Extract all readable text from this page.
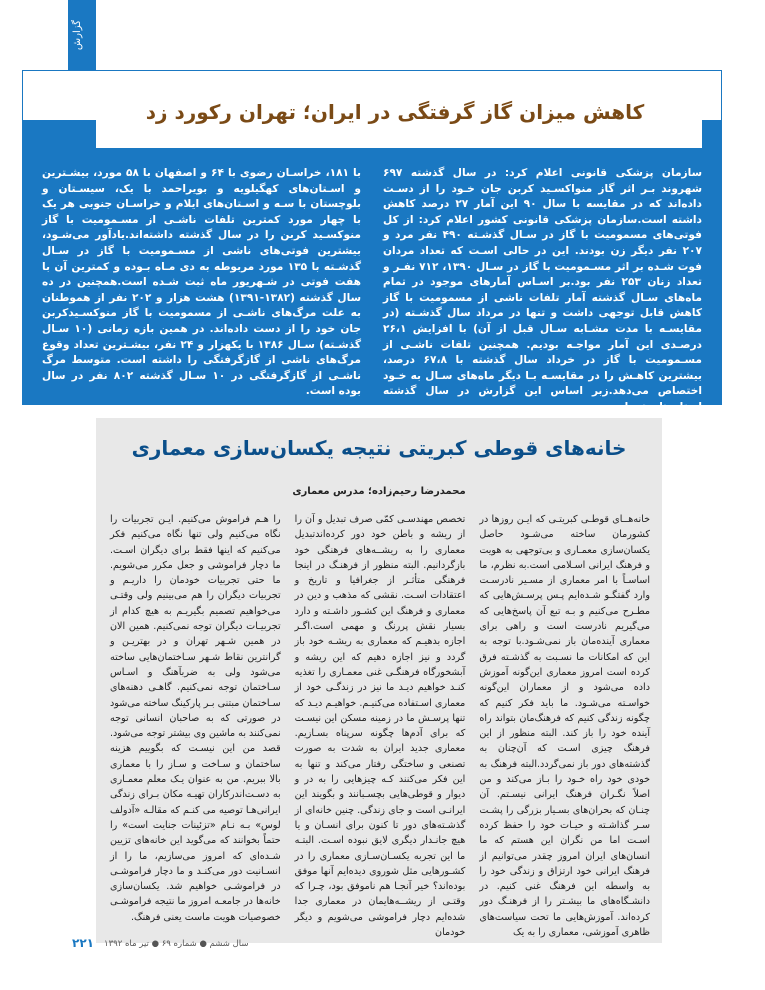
گزارش
کاهش میزان گاز گرفتگی در ایران؛ تهران رکورد زد
سازمان پزشکی قانونی اعلام کرد: در سال گذشته ۶۹۷ شهروند بـر اثر گاز منواکسـید کربن جان خـود را از دسـت داده‌اند که در مقایسه با سال ۹۰ این آمار ۲۷ درصد کاهش داشته است.سازمان پزشکی قانونی کشور اعلام کرد: از کل فوتی‌های مسمومیت با گاز در سـال گذشـته ۴۹۰ نفر مرد و ۲۰۷ نفر دیگر زن بودند. این در حالی اسـت که تعداد مردان فوت شـده بر اثر مسـمومیت با گاز در سـال ۱۳۹۰، ۷۱۲ نفـر و تعداد زنان ۲۵۳ نفر بود.بر اسـاس آمارهای موجود در تمام ماه‌های سـال گذشته آمار تلفات ناشی از مسمومیت با گاز کاهش قابل توجهی داشت و تنها در مرداد سال گذشـته (در مقایسـه با مدت مشـابه سـال قبل از آن) با افزایش ۲۶،۱ درصـدی این آمار مواجـه بودیم. همچنین تلفات ناشـی از مسـمومیت با گاز در خرداد سال گذشته با ۶۷،۸ درصد، بیشترین کاهـش را در مقایسـه بـا دیگر ماه‌های سـال به خـود اختصاص می‌دهد.زبر اساس این گزارش در سال گذشته استان‌های تهران
با ۱۸۱، خراسـان رضوی با ۶۴ و اصفهان با ۵۸ مورد، بیشـترین و اسـتان‌های کهگیلویه و بویراحمد با یک، سیسـتان و بلوچستان با سـه و اسـتان‌های ایلام و خراسـان جنوبی هر یک با چهار مورد کمترین تلفات ناشـی از مسـمومیت با گاز منوکسـید کربن را در سال گذشته داشته‌اند.یادآور می‌شـود، بیشترین فوتی‌های ناشی از مسـمومیت با گاز در سـال گذشـته با ۱۳۵ مورد مربوطه به دی مـاه بـوده و کمترین آن با هفت فوتی در شـهریور ماه ثبت شـده است.همچنین در ده سال گذشته (۱۳۸۲-۱۳۹۱) هشت هزار و ۲۰۲ نفر از هموطنان به علت مرگ‌های ناشـی از مسمومیت با گاز منوکسـیدکربن جان خود را از دست داده‌اند. در همین بازه زمانی (۱۰ سـال گذشـته) سـال ۱۳۸۶ با یکهزار و ۲۴ نفر، بیشـترین تعداد وقوع مرگ‌های ناشی از گازگرفتگی را داشته است. متوسط مرگ ناشـی از گازگرفتگی در ۱۰ سـال گذشته ۸۰۲ نفر در سال بوده است.
خانه‌های قوطی کبریتی نتیجه یکسان‌سازی معماری
محمدرضا رحیم‌زاده؛ مدرس معماری
خانه‌هــای قوطـی کبریتـی که ایـن روزها در کشورمان ساخته می‌شـود حاصل یکسان‌سازی معمـاری و بی‌توجهی به هویت و فرهنگ ایرانی اسـلامی است.به نظرم، ما اساسـاً با امر معماری از مسـیر نادرسـت وارد گفتگـو شـده‌ایم پـس پرسـش‌هایی که مطـرح می‌کنیم و بـه تبع آن پاسخ‌هایی که می‌گیریم نادرست است و راهی برای معماری آینده‌مان باز نمی‌شـود.با توجه به این که امکانات ما نسـبت به گذشـته فرق کرده است امروز معماری این‌گونه آموزش داده می‌شود و از معماران این‌گونه خواسـته می‌شـود. ما باید فکر کنیم که چگونه زندگی کنیم که فرهنگ‌مان بتواند راه آینده خود را باز کند. البته منظور از این فرهنگ چیزی اسـت که آن‌چنان به گذشته‌های دور باز نمی‌گردد.البته فرهنگ به خودی خود راه خـود را بـاز می‌کند و من اصلاً نگـران فرهنگ ایرانی نیسـتم. آن چنـان که بحران‌های بسـیار بزرگی را پشـت سـر گذاشـته و حیـات خود را حفظ کرده اسـت اما من نگران این هستم که ما انسان‌های ایران امروز چقدر می‌توانیم از فرهنگ ایرانی خود ارتزاق و زندگی خود را به واسطه این فرهنگ غنی کنیم. در دانشـگاه‌های ما بیشـتر را از فرهنـگ دور کرده‌اند. آموزش‌هایی ما تحت سیاست‌های ظاهری آموزشی، معماری را به یک
تخصص مهندسـی کمّی صرف تبدیل و آن را از ریشه و باطن خود دور کرده‌اندتبدیل معماری را به ریشــه‌های فرهنگی خود بازگردانیم. البته منظور از فرهنـگ در اینجا فرهنگی متأثـر از جغرافیا و تاریخ و اعتقادات اسـت. نقشی که مذهب و دین در معماری و فرهنگ این کشـور داشـته و دارد بسیار نقش پررنگ و مهمی است.اگـر اجازه بدهیـم که معماری به ریشـه خود باز گردد و نیز اجازه دهیم که این ریشه و آبشخورگاه فرهنگـی غنی معمـاری را تغذیه کنـد خواهیم دیـد ما نیز در زندگـی خود از معماری اسـتفاده می‌کنیـم. خواهیـم دیـد که تنها پرسـش ما در زمینه مسکن این نیسـت که برای آدم‌ها چگونه سرپناه بسـازیم. معماری جدید ایران به شدت به صورت تصنعی و ساختگی رفتار می‌کند و تنها به این فکر می‌کنند کـه چیزهایی را به در و دیوار و قوطی‌هایی بچسـبانند و بگویند این ایرانـی است و جای زندگی. چنین خانه‌ای از گذشـته‌های دور تا کنون برای انسـان و یا هیچ جانـدار دیگری لایق نبوده اسـت. البتـه ما این تجربه یکسـان‌سـازی معماری را در کشـورهایی مثل شوروی دیده‌ایم آنها موفق بوده‌اند؟ خیر آنجـا هم ناموفق بود، چـرا که وقتـی از ریشــه‌هایمان در معماری جدا شده‌ایم دچار فراموشی می‌شویم و دیگر خودمان
را هـم فراموش می‌کنیم. ایـن تجربیات را نگاه می‌کنیم ولی تنها نگاه می‌کنیم فکر می‌کنیم که اینها فقط برای دیگران اسـت. ما دچار فراموشی و جعل مکرر می‌شویم. ما حتی تجربیات خودمان را داریـم و تجربیات دیگران را هم می‌بینیم ولی وقتـی می‌خواهیم تصمیم بگیریـم به هیچ کدام از تجربیـات دیگران توجه نمی‌کنیم. همین الان در همین شـهر تهران و در بهتریـن و گرانترین نقاط شـهر سـاختمان‌هایی ساخته می‌شود ولی به ضربآهنگ و اسـاس سـاختمان توجه نمی‌کنیم. گاهـی دهنه‌های سـاختمان مبتنی بـر پارکینگ ساخته می‌شود در صورتی که به صاحبان انسانی توجه نمی‌کنند به ماشین وی بیشتر توجه می‌شود. قصد من این نیسـت که بگوییم هزینه ساختمان و سـاخت و سـاز را با معماری بالا ببریم. من به عنوان یـک معلم معمـاری به دسـت‌اندرکاران تهیـه مکان بـرای زندگی ایرانی‌هـا توصیه می کنـم که مقالـه «آدولف لوس» بـه نـام «تزئینات جنایت است» را حتماً بخوانند که می‌گوید این خانه‌های تزیین شـده‌ای که امروز می‌سازیم، ما را از انسـانیت دور می‌کنـد و ما دچار فراموشـی در فراموشـی خواهیم شد. یکسان‌سازی خانه‌ها در جامعـه امروز ما نتیجه فراموشـی خصوصیات هویت ماست یعنی فرهنگ.
۲۲۱ سال ششم ● شماره ۶۹ ● تیر ماه ۱۳۹۲
